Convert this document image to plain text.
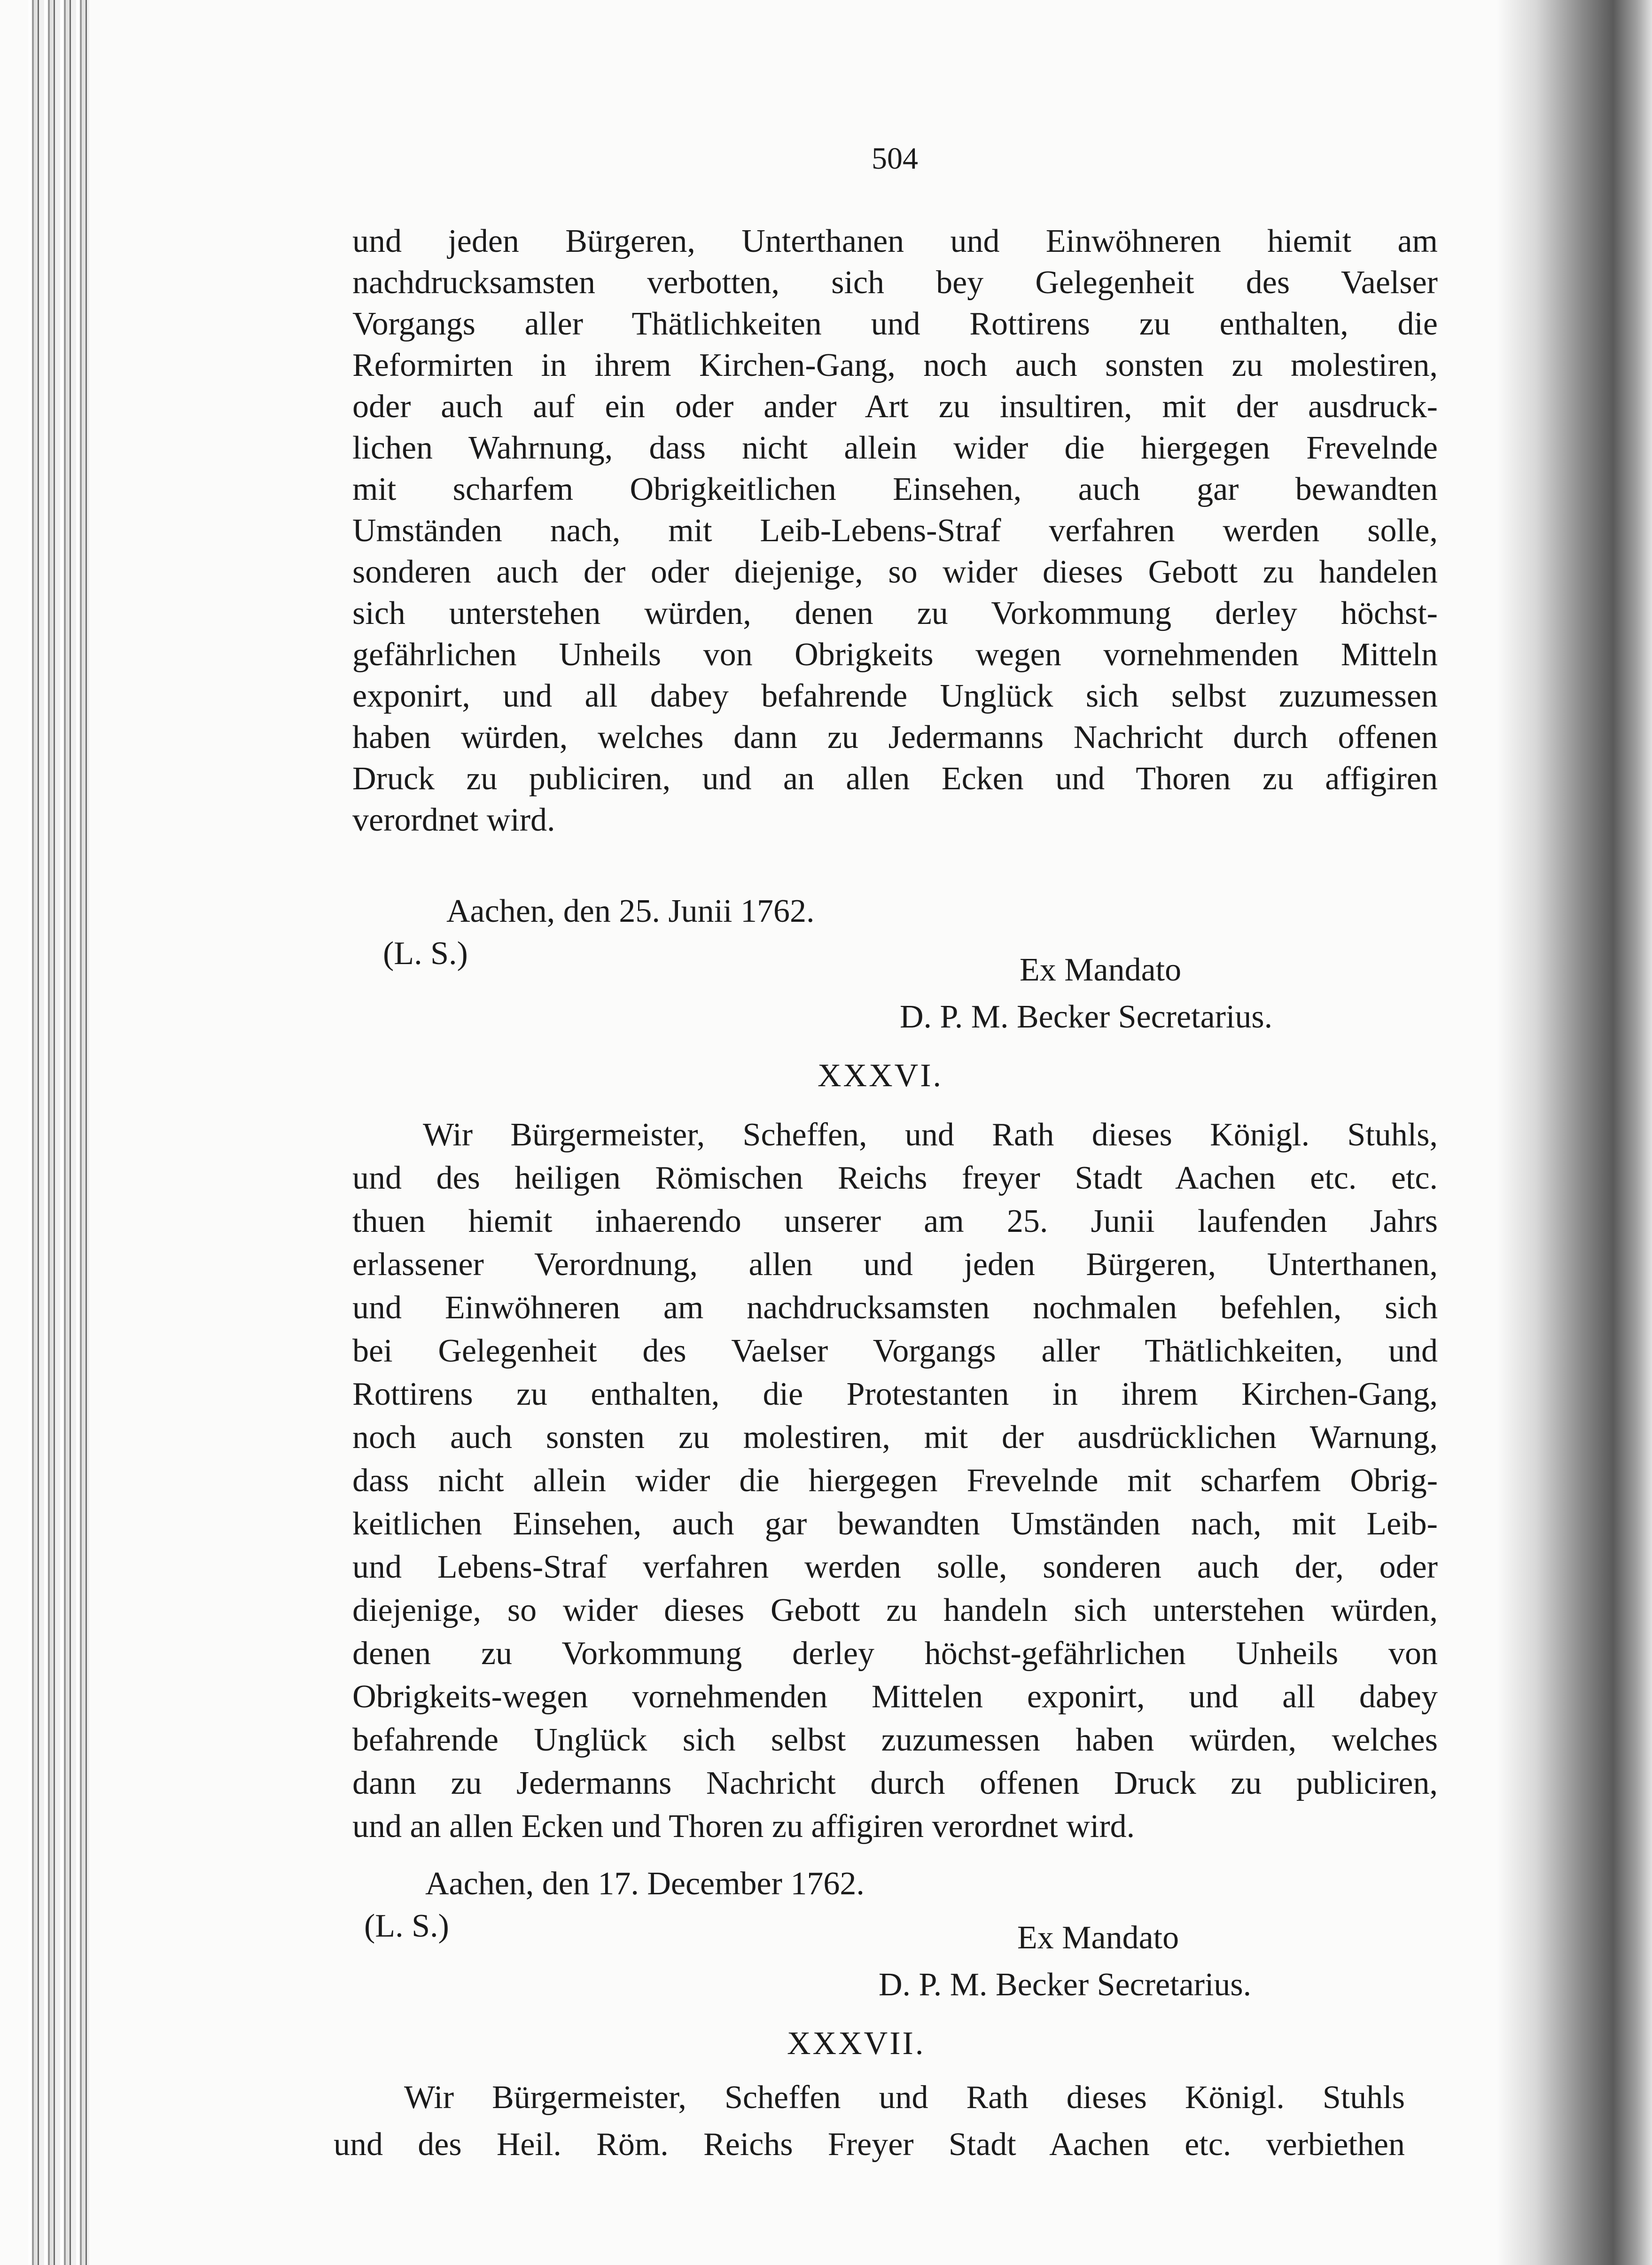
504
und jeden Bürgeren, Unterthanen und Einwöhneren hiemit am
nachdrucksamsten verbotten, sich bey Gelegenheit des Vaelser
Vorgangs aller Thätlichkeiten und Rottirens zu enthalten, die
Reformirten in ihrem Kirchen-Gang, noch auch sonsten zu molestiren,
oder auch auf ein oder ander Art zu insultiren, mit der ausdruck-
lichen Wahrnung, dass nicht allein wider die hiergegen Frevelnde
mit scharfem Obrigkeitlichen Einsehen, auch gar bewandten
Umständen nach, mit Leib-Lebens-Straf verfahren werden solle,
sonderen auch der oder diejenige, so wider dieses Gebott zu handelen
sich unterstehen würden, denen zu Vorkommung derley höchst-
gefährlichen Unheils von Obrigkeits wegen vornehmenden Mitteln
exponirt, und all dabey befahrende Unglück sich selbst zuzumessen
haben würden, welches dann zu Jedermanns Nachricht durch offenen
Druck zu publiciren, und an allen Ecken und Thoren zu affigiren
verordnet wird.
Aachen, den 25. Junii 1762.
(L. S.)	Ex Mandato
D. P. M. Becker Secretarius.
XXXVI.
Wir Bürgermeister, Scheffen, und Rath dieses Königl. Stuhls,
und des heiligen Römischen Reichs freyer Stadt Aachen etc. etc.
thuen hiemit inhaerendo unserer am 25. Junii laufenden Jahrs
erlassener Verordnung, allen und jeden Bürgeren, Unterthanen,
und Einwöhneren am nachdrucksamsten nochmalen befehlen, sich
bei Gelegenheit des Vaelser Vorgangs aller Thätlichkeiten, und
Rottirens zu enthalten, die Protestanten in ihrem Kirchen-Gang,
noch auch sonsten zu molestiren, mit der ausdrücklichen Warnung,
dass nicht allein wider die hiergegen Frevelnde mit scharfem Obrig-
keitlichen Einsehen, auch gar bewandten Umständen nach, mit Leib-
und Lebens-Straf verfahren werden solle, sonderen auch der, oder
diejenige, so wider dieses Gebott zu handeln sich unterstehen würden,
denen zu Vorkommung derley höchst-gefährlichen Unheils von
Obrigkeits-wegen vornehmenden Mittelen exponirt, und all dabey
befahrende Unglück sich selbst zuzumessen haben würden, welches
dann zu Jedermanns Nachricht durch offenen Druck zu publiciren,
und an allen Ecken und Thoren zu affigiren verordnet wird.
Aachen, den 17. December 1762.
(L. S.)	Ex Mandato
D. P. M. Becker Secretarius.
XXXVII.
Wir Bürgermeister, Scheffen und Rath dieses Königl. Stuhls
und des Heil. Röm. Reichs Freyer Stadt Aachen etc. verbiethen
